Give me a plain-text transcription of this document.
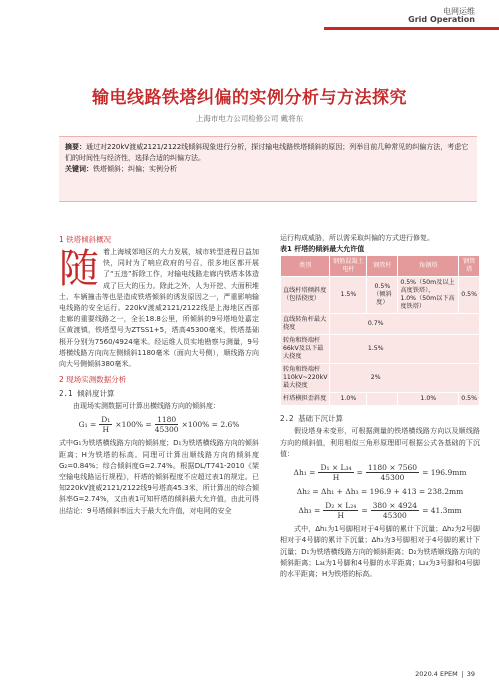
电网运维
Grid Operation
输电线路铁塔纠偏的实例分析与方法探究
上海市电力公司检修公司 戴将东

摘要：通过对220kV渡威2121/2122线倾斜现象进行分析，探讨输电线路铁塔倾斜的原因；列举目前几种常见的纠偏方法，考虑它们的时间性与经济性，选择合适的纠偏方法。

关键词：铁塔倾斜；纠偏；实例分析

1 铁塔倾斜概况

随着上海城郊地区的大力发展，城市转型进程日益加快，同时为了响应政府的号召，很多地区都开展了“五违”拆除工作，对输电线路走廊内铁塔本体造成了巨大的压力。除此之外，人为开挖、大面积堆土、车辆撞击等也是造成铁塔倾斜的诱发原因之一，严重影响输电线路的安全运行。220kV渡威2121/2122线是上海地区西部走廊的重要线路之一，全长18.8公里，所倾斜的9号塔地处嘉定区黄渡镇，铁塔型号为ZTSS1+5，塔高45300毫米，铁塔基础根开分别为7560/4924毫米。经运维人员实地勘察与测量，9号塔横线路方向向左侧倾斜1180毫米（面向大号侧），顺线路方向向大号侧倾斜380毫米。

2 现场实测数据分析

2.1 倾斜度计算

由现场实测数据可计算出横线路方向的倾斜度：

$G_1 = \frac{\text{D₁}}{H} \times 100\% = \frac{1180}{45300} \times 100\% = 2.6\%$

式中G₁为铁塔横线路方向的倾斜度；D₁为铁塔横线路方向的倾斜距离；H为铁塔的标高。同理可计算出顺线路方向的倾斜度G₂=0.84%；综合倾斜度G=2.74%。根据DL/T741-2010《架空输电线路运行规程》，杆塔的倾斜程度不应超过表1的规定。已知220kV渡威2121/2122线9号塔高45.3米，所计算出的综合倾斜率G=2.74%，又由表1可知杆塔的倾斜最大允许值，由此可得出结论：9号塔倾斜率远大于最大允许值，对电网的安全

运行构成威胁，所以需采取纠偏的方式进行修复。

表1 杆塔的倾斜最大允许值

类别	钢筋混凝土电杆	钢管杆	角钢塔	钢管塔
直线杆塔倾斜度（包括挠度）	1.5%	0.5%（倾斜度）	0.5%（50m及以上高度铁塔），1.0%（50m以下高度铁塔）	0.5%
直线转角杆最大挠度	0.7%			
转角和终端杆66kV及以下最大挠度	1.5%			
转角和终端杆110kV~220kV最大挠度	2%			
杆塔横担歪斜度	1.0%		1.0%	0.5%

2.2 基础下沉计算

假设塔身未变形，可根据测量的铁塔横线路方向以及顺线路方向的倾斜值，利用相似三角形原理即可根据公式各基础的下沉值：

$\Delta h_1 = \frac{\text{D₁ × L₃₄}}{H} = \frac{1180 \times 7560}{45300} = 196.9mm$
Δh₂ = Δh₁ + Δh₃ = 196.9 + 413 = 238.2mm
$\Delta h_3 = \frac{\text{D₂ × L₂₄}}{H} = \frac{380 \times 4924}{45300} = 41.3mm$

式中，Δh₁为1号脚相对于4号脚的累计下沉量；Δh₂为2号脚相对于4号脚的累计下沉量；Δh₃为3号脚相对于4号脚的累计下沉量；D₁为铁塔横线路方向的倾斜距离；D₂为铁塔顺线路方向的倾斜距离；L₃₄为1号脚和4号脚的水平距离；L₂₄为3号脚和4号脚的水平距离；H为铁塔的标高。

2020.4 EPEM 39
